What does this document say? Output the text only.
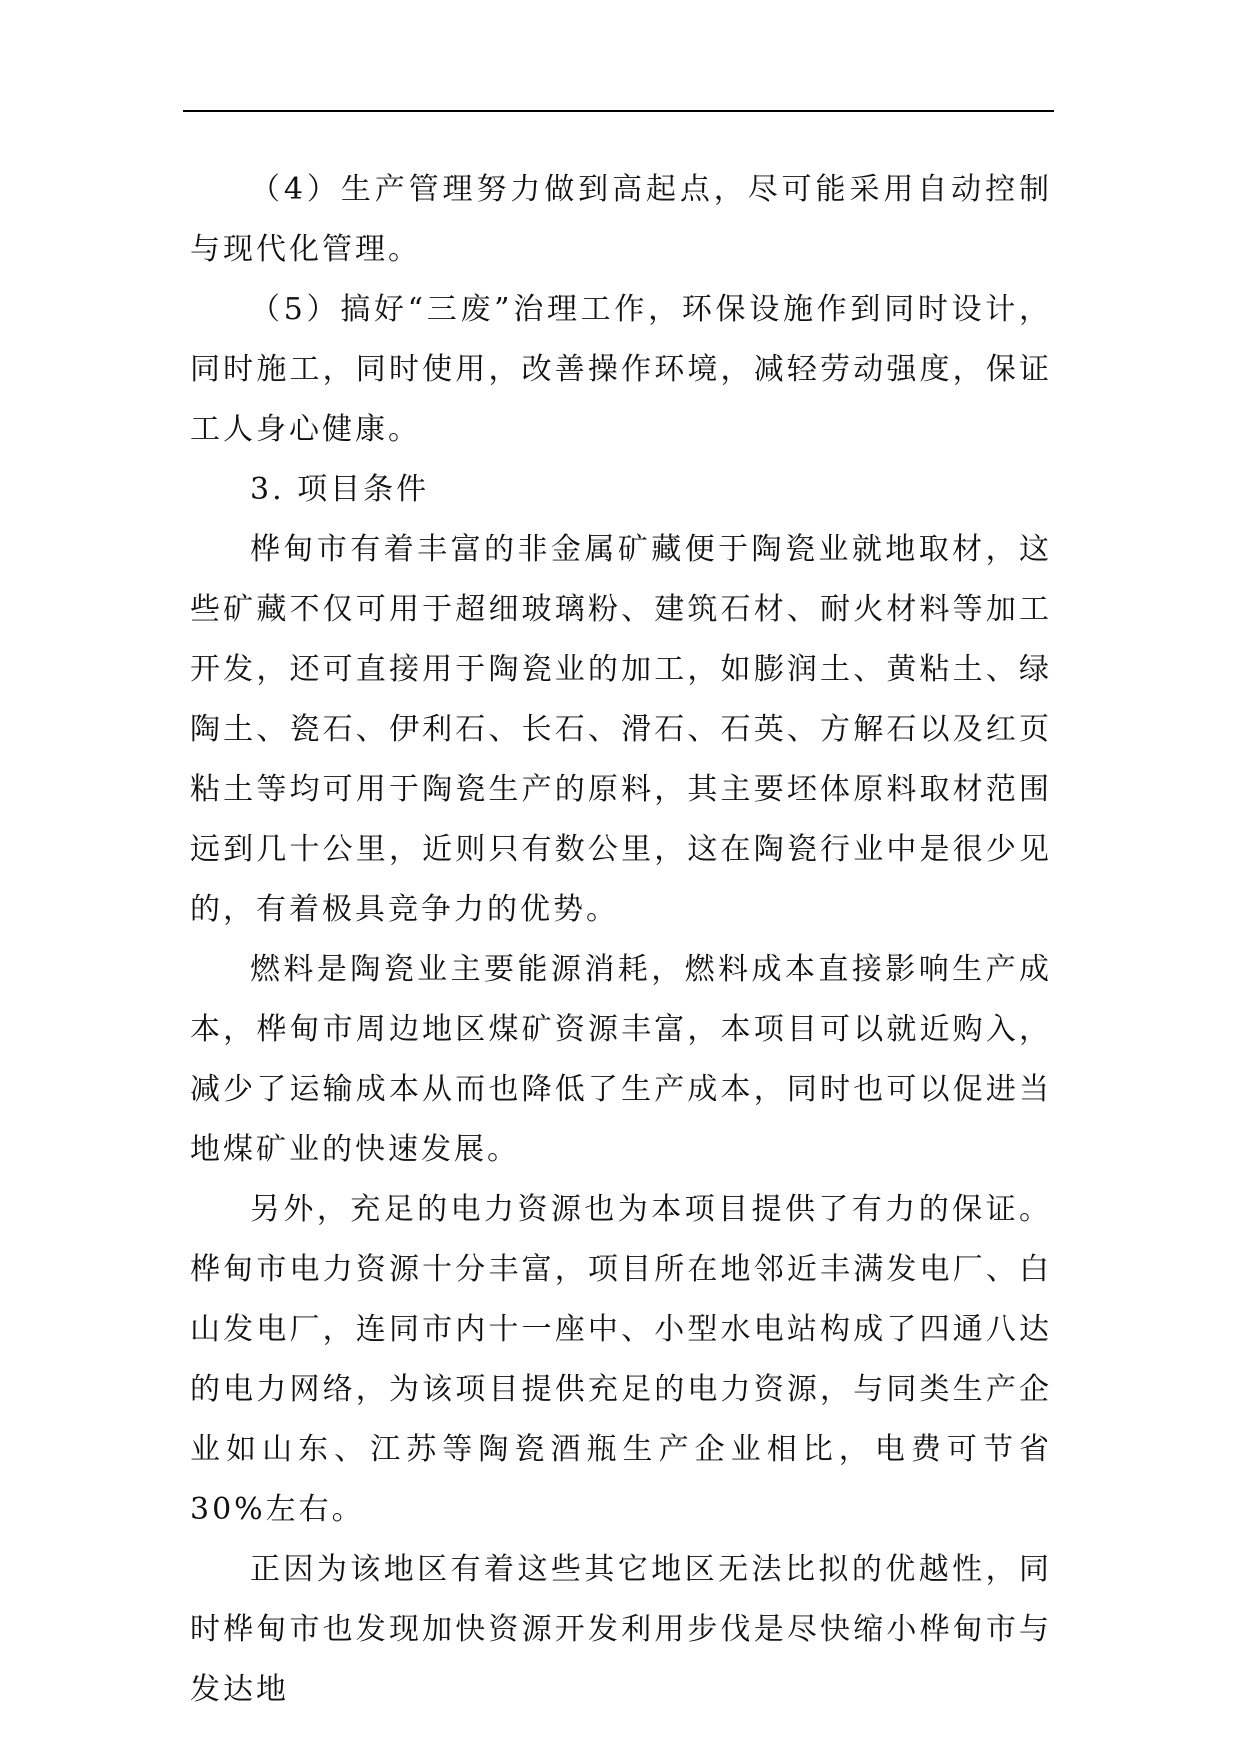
（4）生产管理努力做到高起点，尽可能采用自动控制与现代化管理。

（5）搞好“三废”治理工作，环保设施作到同时设计，同时施工，同时使用，改善操作环境，减轻劳动强度，保证工人身心健康。

3. 项目条件

桦甸市有着丰富的非金属矿藏便于陶瓷业就地取材，这些矿藏不仅可用于超细玻璃粉、建筑石材、耐火材料等加工开发，还可直接用于陶瓷业的加工，如膨润土、黄粘土、绿陶土、瓷石、伊利石、长石、滑石、石英、方解石以及红页粘土等均可用于陶瓷生产的原料，其主要坯体原料取材范围远到几十公里，近则只有数公里，这在陶瓷行业中是很少见的，有着极具竞争力的优势。

燃料是陶瓷业主要能源消耗，燃料成本直接影响生产成本，桦甸市周边地区煤矿资源丰富，本项目可以就近购入，减少了运输成本从而也降低了生产成本，同时也可以促进当地煤矿业的快速发展。

另外，充足的电力资源也为本项目提供了有力的保证。桦甸市电力资源十分丰富，项目所在地邻近丰满发电厂、白山发电厂，连同市内十一座中、小型水电站构成了四通八达的电力网络，为该项目提供充足的电力资源，与同类生产企业如山东、江苏等陶瓷酒瓶生产企业相比，电费可节省 30%左右。

正因为该地区有着这些其它地区无法比拟的优越性，同时桦甸市也发现加快资源开发利用步伐是尽快缩小桦甸市与发达地
